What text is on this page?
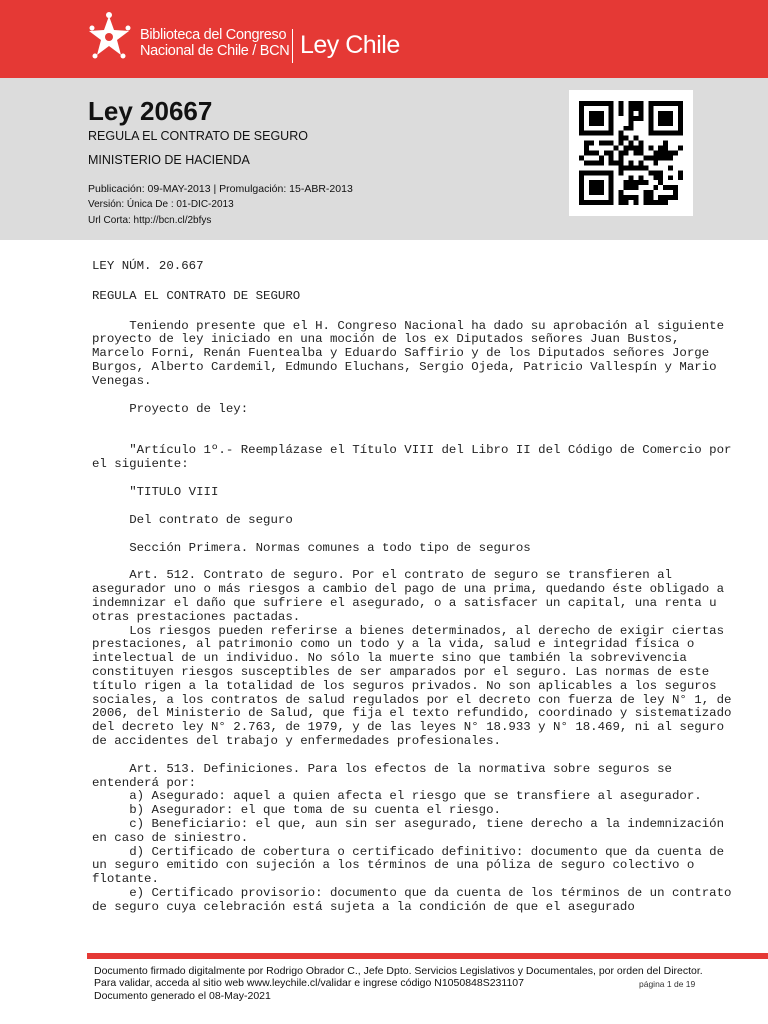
Biblioteca del Congreso
Nacional de Chile / BCN Ley Chile
Ley 20667
REGULA EL CONTRATO DE SEGURO
MINISTERIO DE HACIENDA
Publicación: 09-MAY-2013 | Promulgación: 15-ABR-2013
Versión: Única De : 01-DIC-2013
Url Corta: http://bcn.cl/2bfys

LEY NÚM. 20.667

REGULA EL CONTRATO DE SEGURO

Teniendo presente que el H. Congreso Nacional ha dado su aprobación al siguiente proyecto de ley iniciado en una moción de los ex Diputados señores Juan Bustos, Marcelo Forni, Renán Fuentealba y Eduardo Saffirio y de los Diputados señores Jorge Burgos, Alberto Cardemil, Edmundo Eluchans, Sergio Ojeda, Patricio Vallespín y Mario Venegas.

Proyecto de ley:

"Artículo 1º.- Reemplázase el Título VIII del Libro II del Código de Comercio por el siguiente:

"TITULO VIII

Del contrato de seguro

Sección Primera. Normas comunes a todo tipo de seguros

Art. 512. Contrato de seguro. Por el contrato de seguro se transfieren al asegurador uno o más riesgos a cambio del pago de una prima, quedando éste obligado a indemnizar el daño que sufriere el asegurado, o a satisfacer un capital, una renta u otras prestaciones pactadas.

Los riesgos pueden referirse a bienes determinados, al derecho de exigir ciertas prestaciones, al patrimonio como un todo y a la vida, salud e integridad física o intelectual de un individuo. No sólo la muerte sino que también la sobrevivencia constituyen riesgos susceptibles de ser amparados por el seguro. Las normas de este título rigen a la totalidad de los seguros privados. No son aplicables a los seguros sociales, a los contratos de salud regulados por el decreto con fuerza de ley N° 1, de 2006, del Ministerio de Salud, que fija el texto refundido, coordinado y sistematizado del decreto ley N° 2.763, de 1979, y de las leyes N° 18.933 y N° 18.469, ni al seguro de accidentes del trabajo y enfermedades profesionales.

Art. 513. Definiciones. Para los efectos de la normativa sobre seguros se entenderá por:

a) Asegurado: aquel a quien afecta el riesgo que se transfiere al asegurador.

b) Asegurador: el que toma de su cuenta el riesgo.

c) Beneficiario: el que, aun sin ser asegurado, tiene derecho a la indemnización en caso de siniestro.

d) Certificado de cobertura o certificado definitivo: documento que da cuenta de un seguro emitido con sujeción a los términos de una póliza de seguro colectivo o flotante.

e) Certificado provisorio: documento que da cuenta de los términos de un contrato de seguro cuya celebración está sujeta a la condición de que el asegurado

Documento firmado digitalmente por Rodrigo Obrador C., Jefe Dpto. Servicios Legislativos y Documentales, por orden del Director.

Para validar, acceda al sitio web www.leychile.cl/validar e ingrese código N1050848S231107

Documento generado el 08-May-2021

página 1 de 19
